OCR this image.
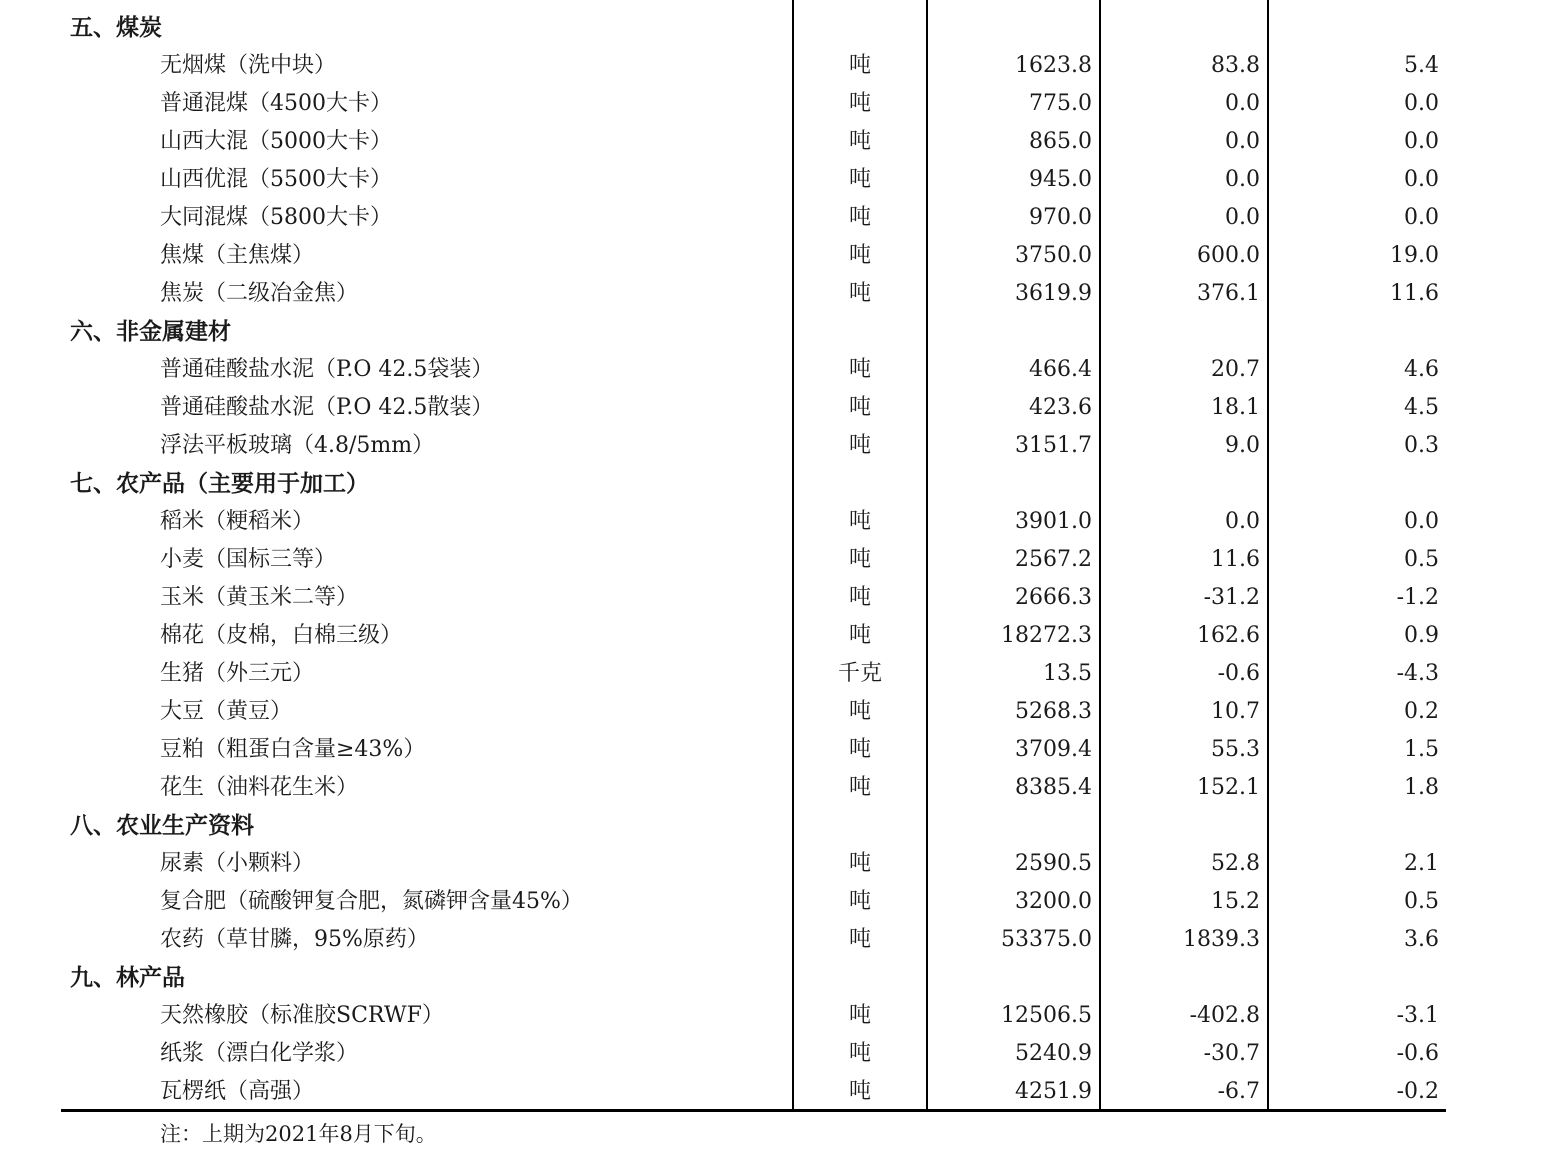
五、煤炭
无烟煤（洗中块）	吨	1623.8	83.8	5.4
普通混煤（4500大卡）	吨	775.0	0.0	0.0
山西大混（5000大卡）	吨	865.0	0.0	0.0
山西优混（5500大卡）	吨	945.0	0.0	0.0
大同混煤（5800大卡）	吨	970.0	0.0	0.0
焦煤（主焦煤）	吨	3750.0	600.0	19.0
焦炭（二级冶金焦）	吨	3619.9	376.1	11.6
六、非金属建材
普通硅酸盐水泥（P.O 42.5袋装）	吨	466.4	20.7	4.6
普通硅酸盐水泥（P.O 42.5散装）	吨	423.6	18.1	4.5
浮法平板玻璃（4.8/5mm）	吨	3151.7	9.0	0.3
七、农产品（主要用于加工）
稻米（粳稻米）	吨	3901.0	0.0	0.0
小麦（国标三等）	吨	2567.2	11.6	0.5
玉米（黄玉米二等）	吨	2666.3	-31.2	-1.2
棉花（皮棉，白棉三级）	吨	18272.3	162.6	0.9
生猪（外三元）	千克	13.5	-0.6	-4.3
大豆（黄豆）	吨	5268.3	10.7	0.2
豆粕（粗蛋白含量≥43%）	吨	3709.4	55.3	1.5
花生（油料花生米）	吨	8385.4	152.1	1.8
八、农业生产资料
尿素（小颗料）	吨	2590.5	52.8	2.1
复合肥（硫酸钾复合肥，氮磷钾含量45%）	吨	3200.0	15.2	0.5
农药（草甘膦，95%原药）	吨	53375.0	1839.3	3.6
九、林产品
天然橡胶（标准胶SCRWF）	吨	12506.5	-402.8	-3.1
纸浆（漂白化学浆）	吨	5240.9	-30.7	-0.6
瓦楞纸（高强）	吨	4251.9	-6.7	-0.2
注：上期为2021年8月下旬。
